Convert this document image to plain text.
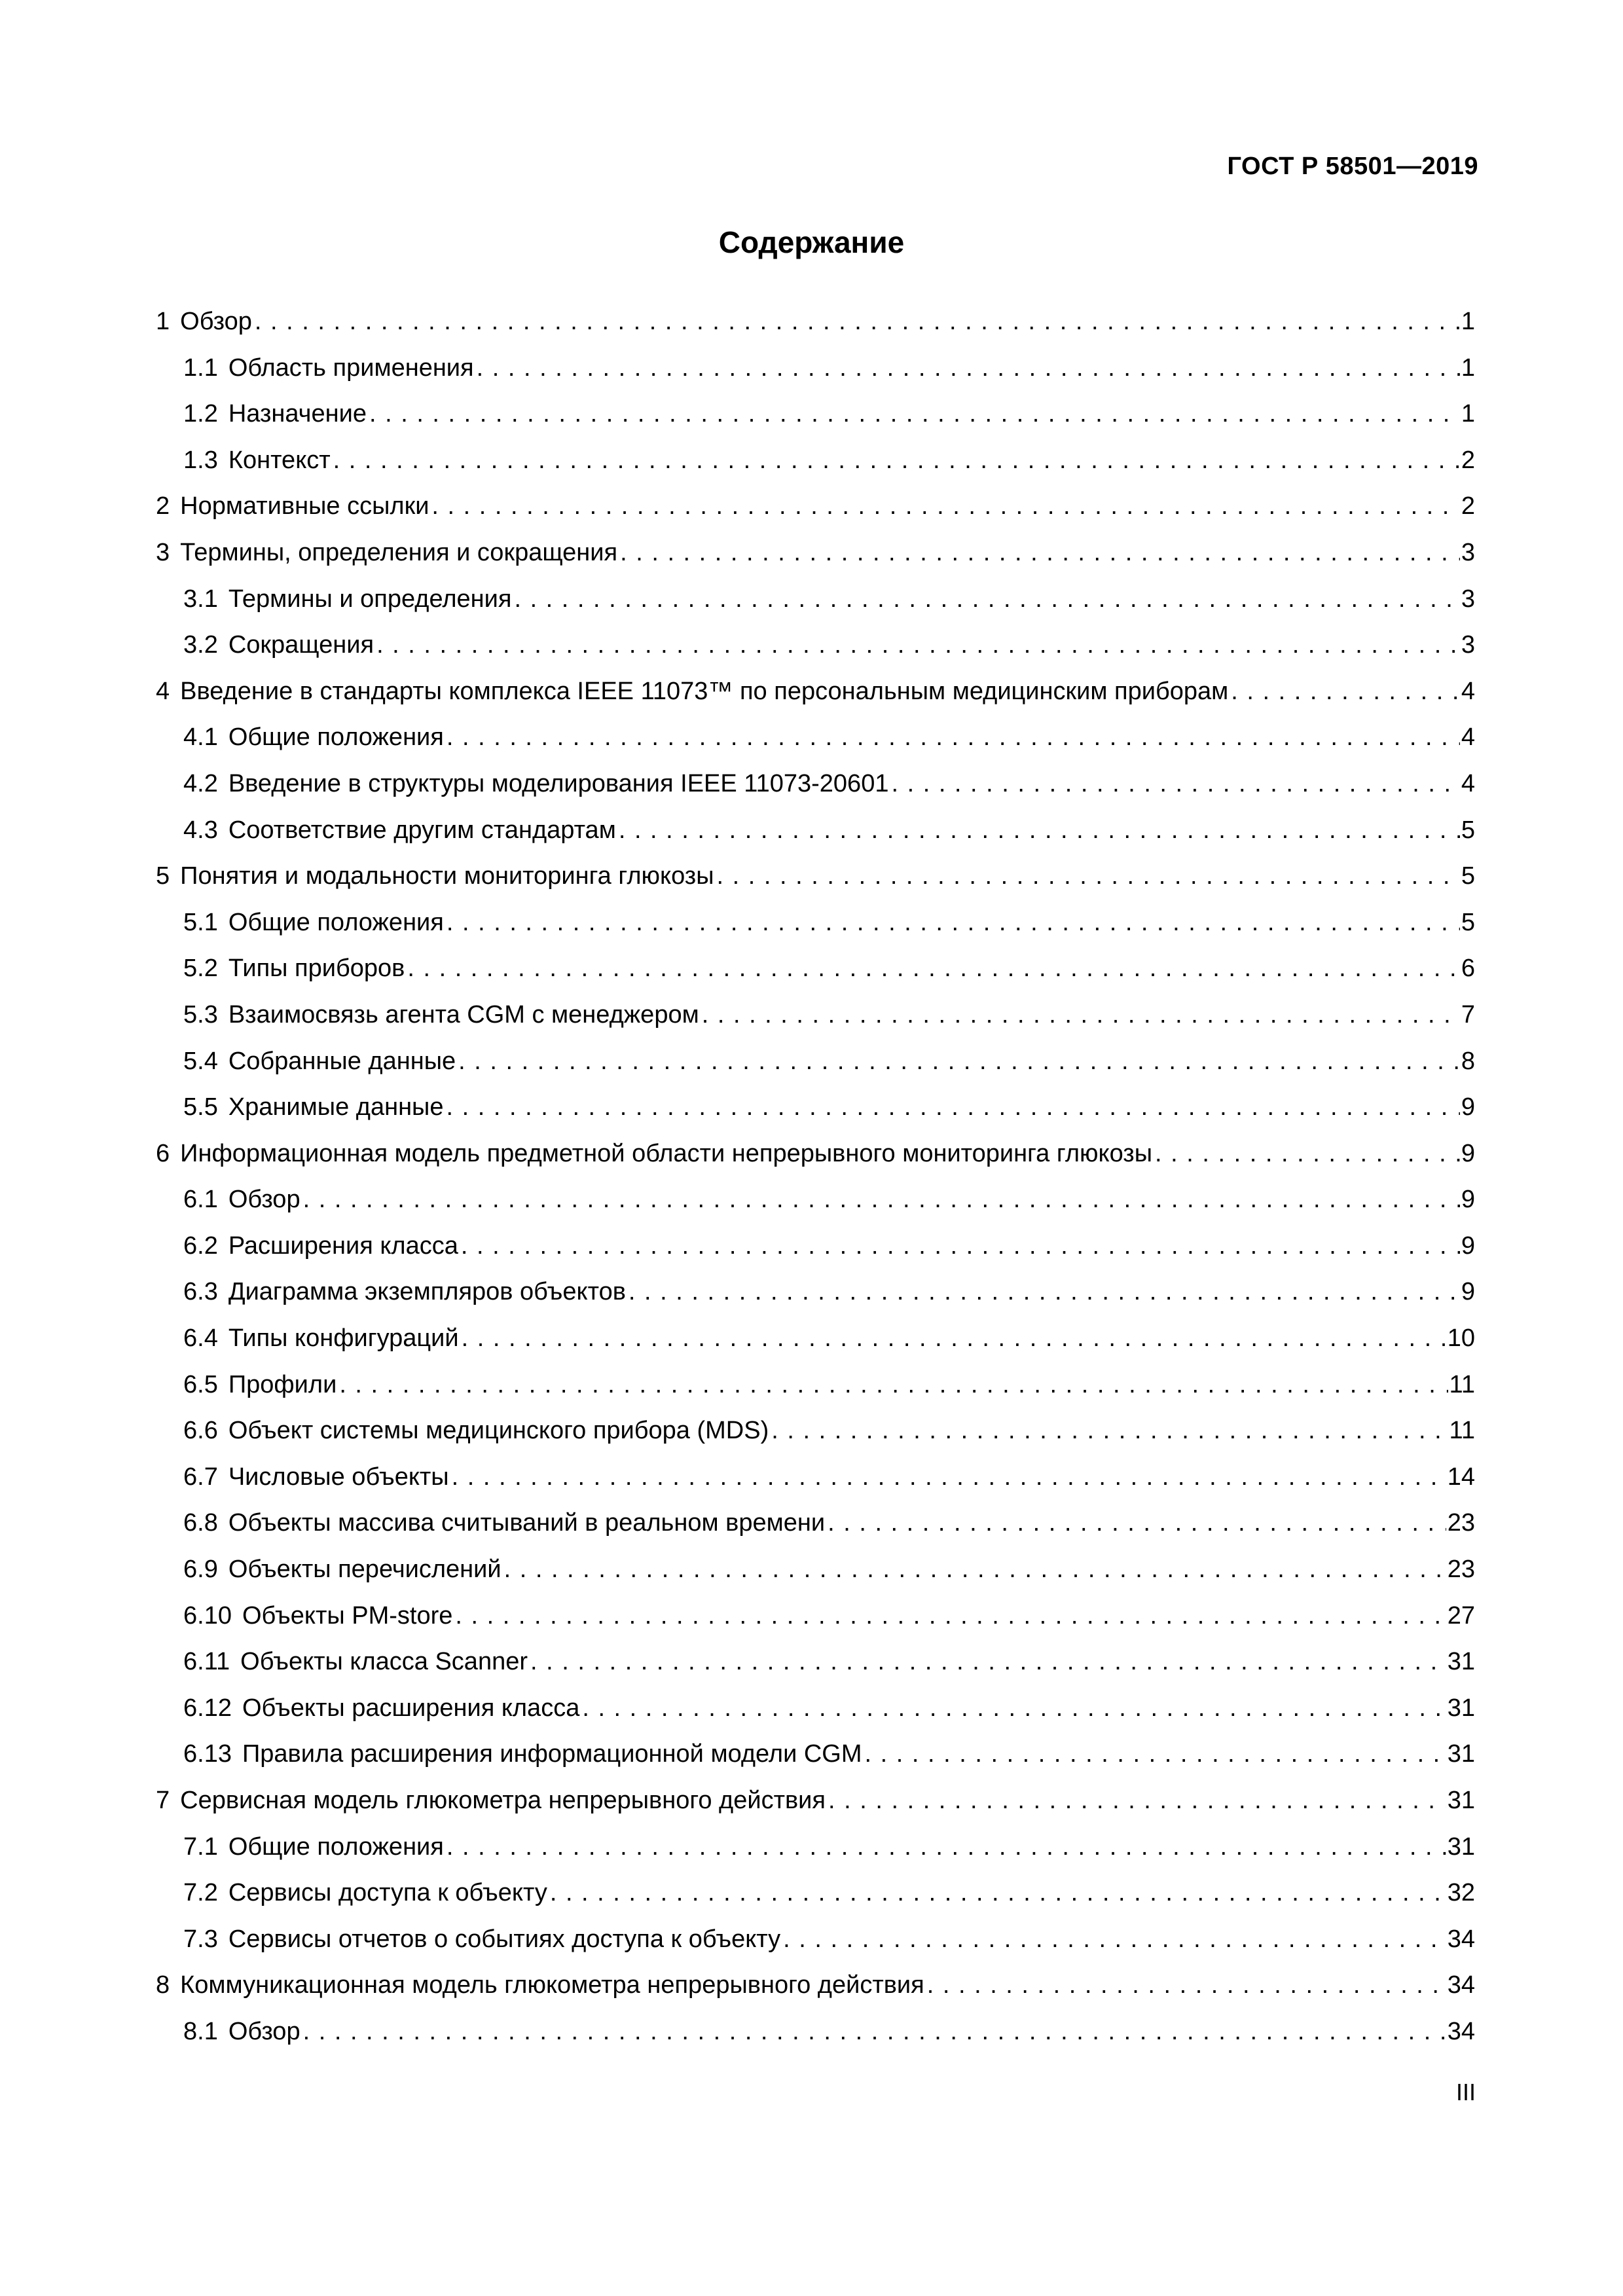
ГОСТ Р 58501—2019
Содержание
1 Обзор . . .	1
1.1 Область применения . . .	1
1.2 Назначение . . .	1
1.3 Контекст . . .	2
2 Нормативные ссылки . . .	2
3 Термины, определения и сокращения . . .	3
3.1 Термины и определения . . .	3
3.2 Сокращения . . .	3
4 Введение в стандарты комплекса IEEE 11073™ по персональным медицинским приборам . . .	4
4.1 Общие положения . . .	4
4.2 Введение в структуры моделирования IEEE 11073-20601 . . .	4
4.3 Соответствие другим стандартам . . .	5
5 Понятия и модальности мониторинга глюкозы . . .	5
5.1 Общие положения . . .	5
5.2 Типы приборов . . .	6
5.3 Взаимосвязь агента CGM с менеджером . . .	7
5.4 Собранные данные . . .	8
5.5 Хранимые данные . . .	9
6 Информационная модель предметной области непрерывного мониторинга глюкозы . . .	9
6.1 Обзор . . .	9
6.2 Расширения класса . . .	9
6.3 Диаграмма экземпляров объектов . . .	9
6.4 Типы конфигураций . . .	10
6.5 Профили . . .	11
6.6 Объект системы медицинского прибора (MDS) . . .	11
6.7 Числовые объекты . . .	14
6.8 Объекты массива считываний в реальном времени . . .	23
6.9 Объекты перечислений . . .	23
6.10 Объекты PM-store . . .	27
6.11 Объекты класса Scanner . . .	31
6.12 Объекты расширения класса . . .	31
6.13 Правила расширения информационной модели CGM . . .	31
7 Сервисная модель глюкометра непрерывного действия . . .	31
7.1 Общие положения . . .	31
7.2 Сервисы доступа к объекту . . .	32
7.3 Сервисы отчетов о событиях доступа к объекту . . .	34
8 Коммуникационная модель глюкометра непрерывного действия . . .	34
8.1 Обзор . . .	34
III
